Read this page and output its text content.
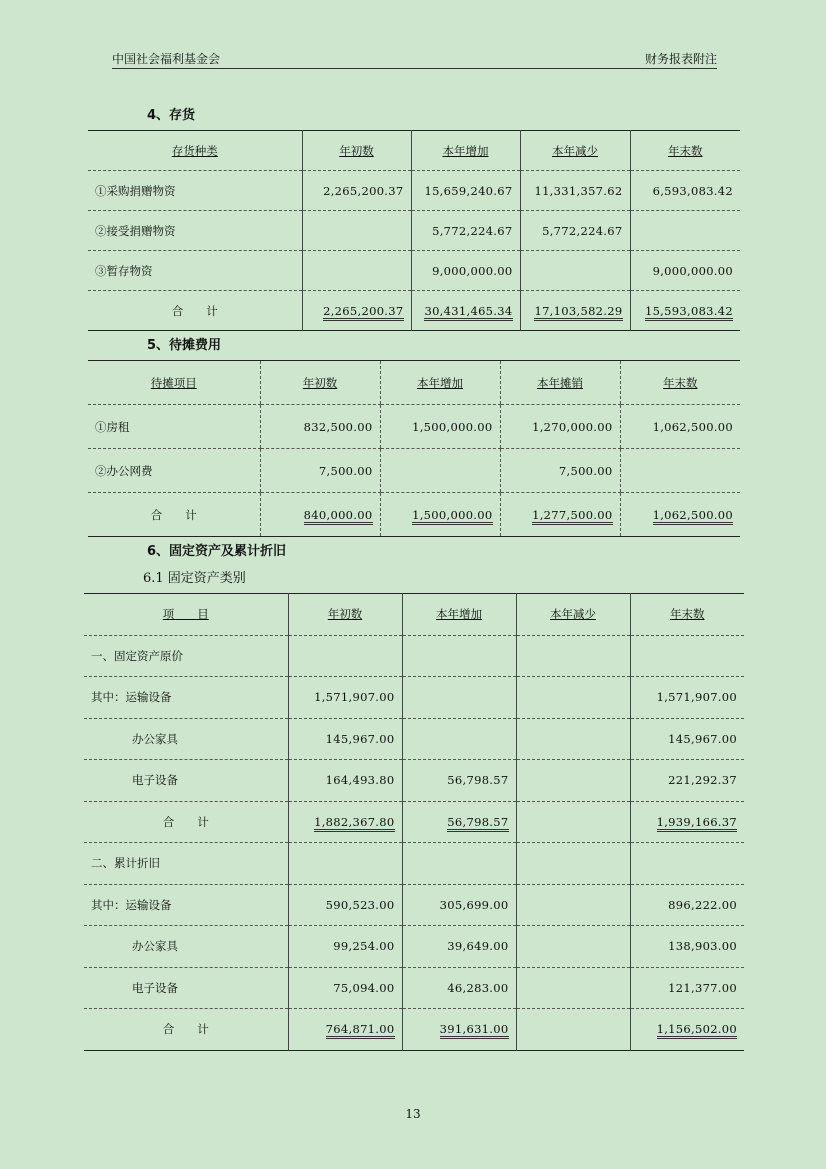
中国社会福利基金会	财务报表附注
4、存货
存货种类	年初数	本年增加	本年减少	年末数
①采购捐赠物资	2,265,200.37	15,659,240.67	11,331,357.62	6,593,083.42
②接受捐赠物资		5,772,224.67	5,772,224.67	
③暂存物资		9,000,000.00		9,000,000.00
合　　计	2,265,200.37	30,431,465.34	17,103,582.29	15,593,083.42
5、待摊费用
待摊项目	年初数	本年增加	本年摊销	年末数
①房租	832,500.00	1,500,000.00	1,270,000.00	1,062,500.00
②办公网费	7,500.00		7,500.00	
合　　计	840,000.00	1,500,000.00	1,277,500.00	1,062,500.00
6、固定资产及累计折旧
6.1 固定资产类别
项　　目	年初数	本年增加	本年减少	年末数
一、固定资产原价				
其中：运输设备	1,571,907.00			1,571,907.00
办公家具	145,967.00			145,967.00
电子设备	164,493.80	56,798.57		221,292.37
合　　计	1,882,367.80	56,798.57		1,939,166.37
二、累计折旧				
其中：运输设备	590,523.00	305,699.00		896,222.00
办公家具	99,254.00	39,649.00		138,903.00
电子设备	75,094.00	46,283.00		121,377.00
合　　计	764,871.00	391,631.00		1,156,502.00
13
